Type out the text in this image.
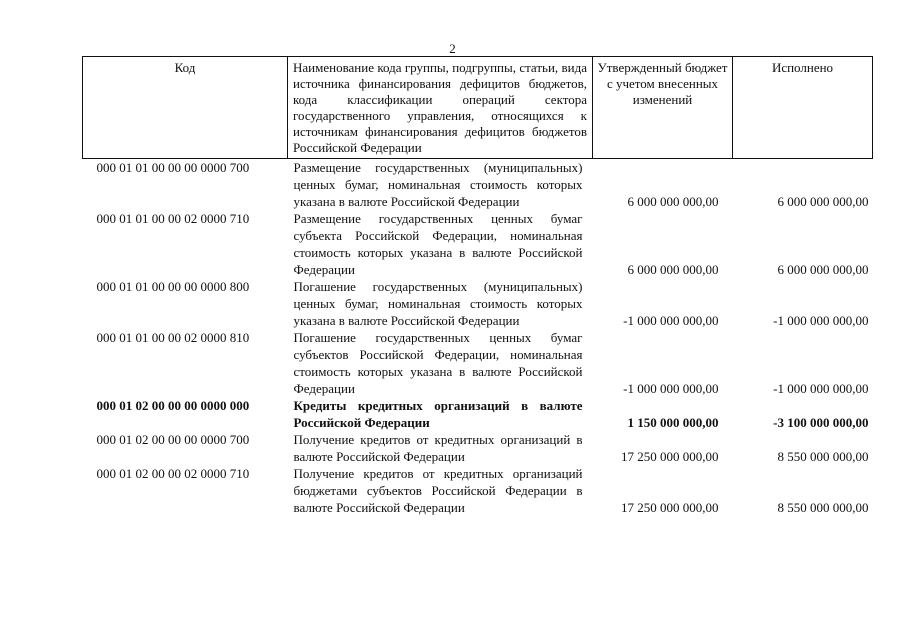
2
Код	Наименование кода группы, подгруппы, статьи, вида источника финансирования дефицитов бюджетов, кода классификации операций сектора государственного управления, относящихся к источникам финансирования дефицитов бюджетов Российской Федерации	Утвержденный бюджет с учетом внесенных изменений	Исполнено
000 01 01 00 00 00 0000 700	Размещение государственных (муниципальных) ценных бумаг, номинальная стоимость которых указана в валюте Российской Федерации	6 000 000 000,00	6 000 000 000,00
000 01 01 00 00 02 0000 710	Размещение государственных ценных бумаг субъекта Российской Федерации, номинальная стоимость которых указана в валюте Российской Федерации	6 000 000 000,00	6 000 000 000,00
000 01 01 00 00 00 0000 800	Погашение государственных (муниципальных) ценных бумаг, номинальная стоимость которых указана в валюте Российской Федерации	-1 000 000 000,00	-1 000 000 000,00
000 01 01 00 00 02 0000 810	Погашение государственных ценных бумаг субъектов Российской Федерации, номинальная стоимость которых указана в валюте Российской Федерации	-1 000 000 000,00	-1 000 000 000,00
000 01 02 00 00 00 0000 000	Кредиты кредитных организаций в валюте Российской Федерации	1 150 000 000,00	-3 100 000 000,00
000 01 02 00 00 00 0000 700	Получение кредитов от кредитных организаций в валюте Российской Федерации	17 250 000 000,00	8 550 000 000,00
000 01 02 00 00 02 0000 710	Получение кредитов от кредитных организаций бюджетами субъектов Российской Федерации в валюте Российской Федерации	17 250 000 000,00	8 550 000 000,00
